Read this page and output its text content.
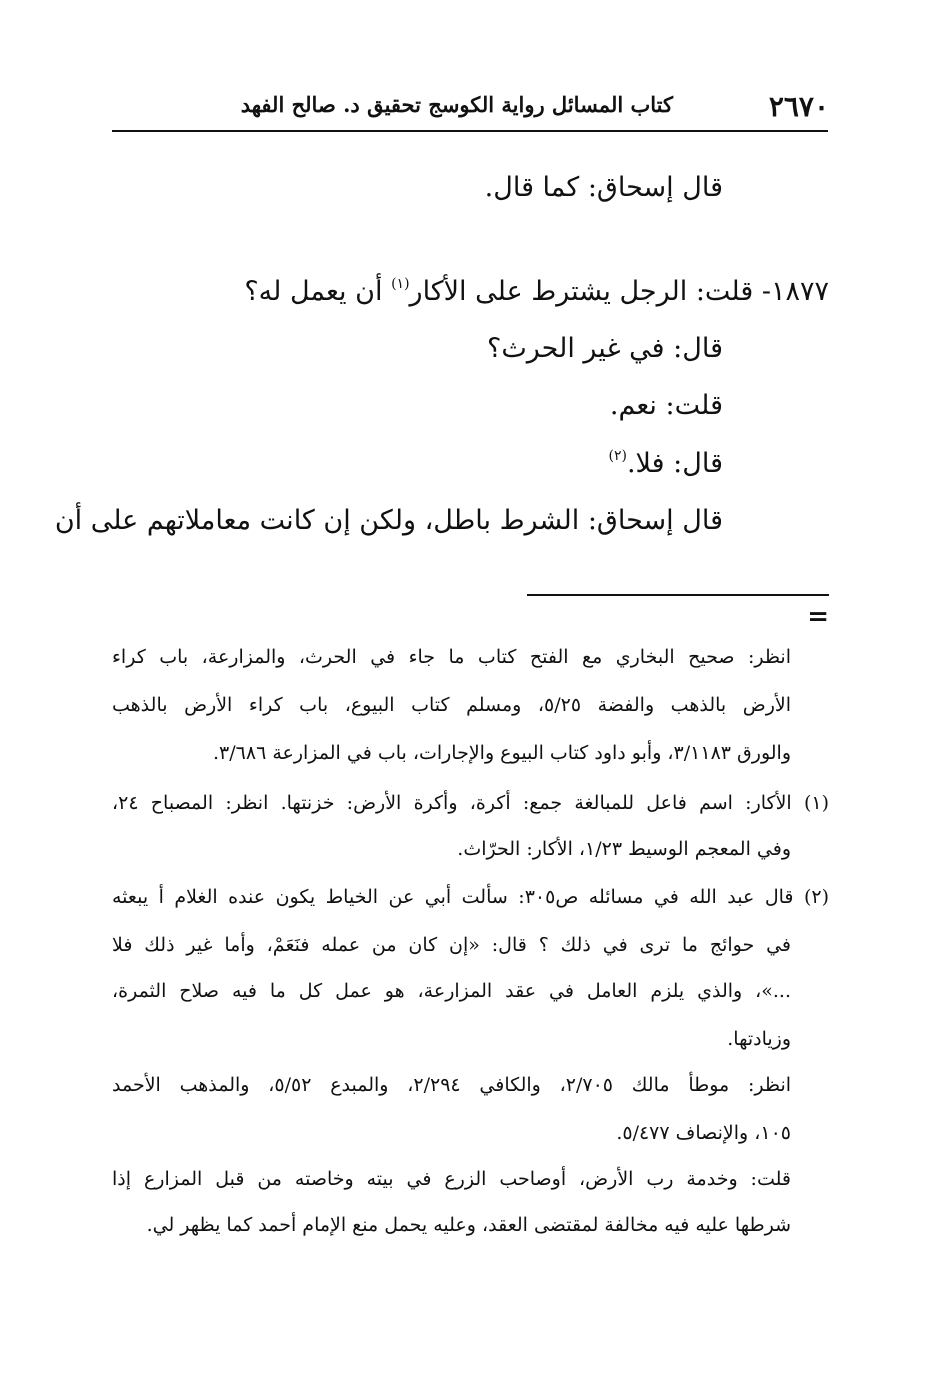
٢٦٧٠
كتاب المسائل رواية الكوسج تحقيق د. صالح الفهد
قال إسحاق: كما قال.
١٨٧٧- قلت: الرجل يشترط على الأكار$^{(١)}$ أن يعمل له؟
قال: في غير الحرث؟
قلت: نعم.
قال: فلا.$^{(٢)}$
قال إسحاق: الشرط باطل، ولكن إن كانت معاملاتهم على أن
=
انظر: صحيح البخاري مع الفتح كتاب ما جاء في الحرث، والمزارعة، باب كراء
الأرض بالذهب والفضة ٥/٢٥، ومسلم كتاب البيوع، باب كراء الأرض بالذهب
والورق ٣/١١٨٣، وأبو داود كتاب البيوع والإجارات، باب في المزارعة ٣/٦٨٦.
(١) الأكار: اسم فاعل للمبالغة جمع: أكرة، وأكرة الأرض: خزنتها. انظر: المصباح ٢٤،
وفي المعجم الوسيط ١/٢٣، الأكار: الحرّاث.
(٢) قال عبد الله في مسائله ص٣٠٥: سألت أبي عن الخياط يكون عنده الغلام أ يبعثه
في حوائج ما ترى في ذلك ؟ قال: «إن كان من عمله فنَعَمْ، وأما غير ذلك فلا
...»، والذي يلزم العامل في عقد المزارعة، هو عمل كل ما فيه صلاح الثمرة،
وزيادتها.
انظر: موطأ مالك ٢/٧٠٥، والكافي ٢/٢٩٤، والمبدع ٥/٥٢، والمذهب الأحمد
١٠٥، والإنصاف ٥/٤٧٧.
قلت: وخدمة رب الأرض، أوصاحب الزرع في بيته وخاصته من قبل المزارع إذا
شرطها عليه فيه مخالفة لمقتضى العقد، وعليه يحمل منع الإمام أحمد كما يظهر لي.
